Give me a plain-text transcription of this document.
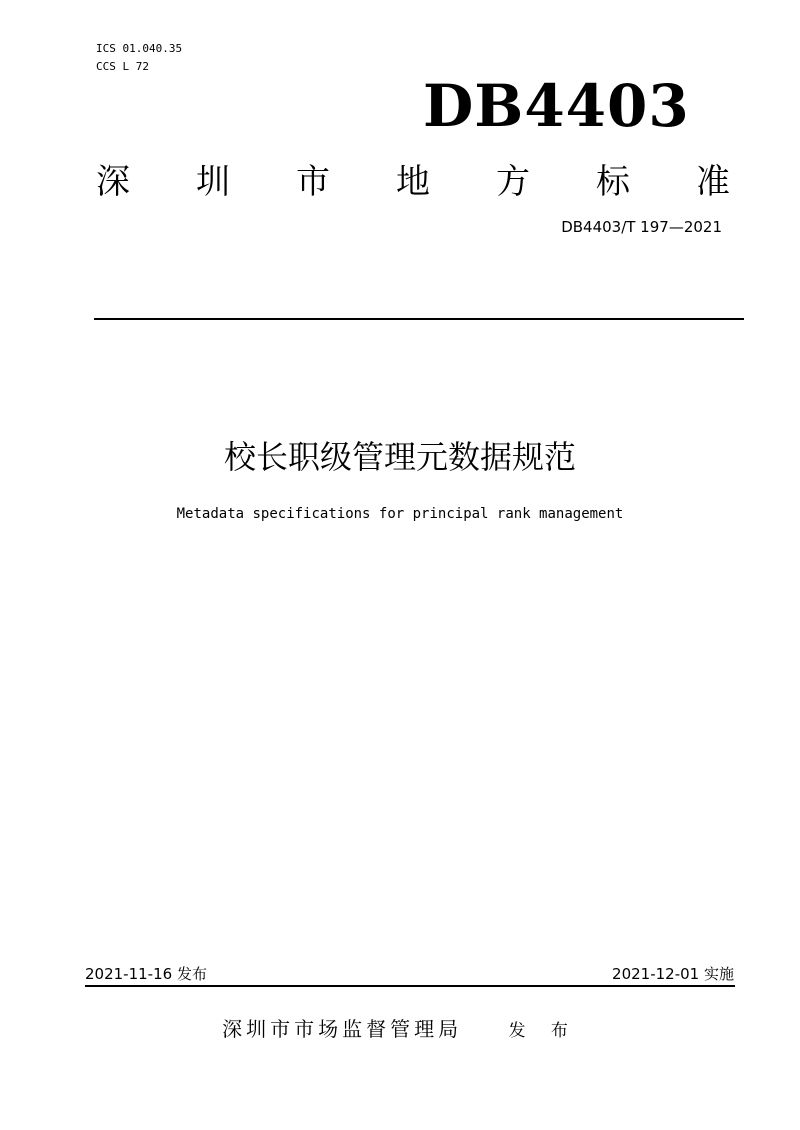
ICS 01.040.35
CCS L 72
DB4403
深 圳 市 地 方 标 准
DB4403/T 197—2021
校长职级管理元数据规范
Metadata specifications for principal rank management
2021-11-16 发布	2021-12-01 实施
深圳市市场监督管理局	发 布
